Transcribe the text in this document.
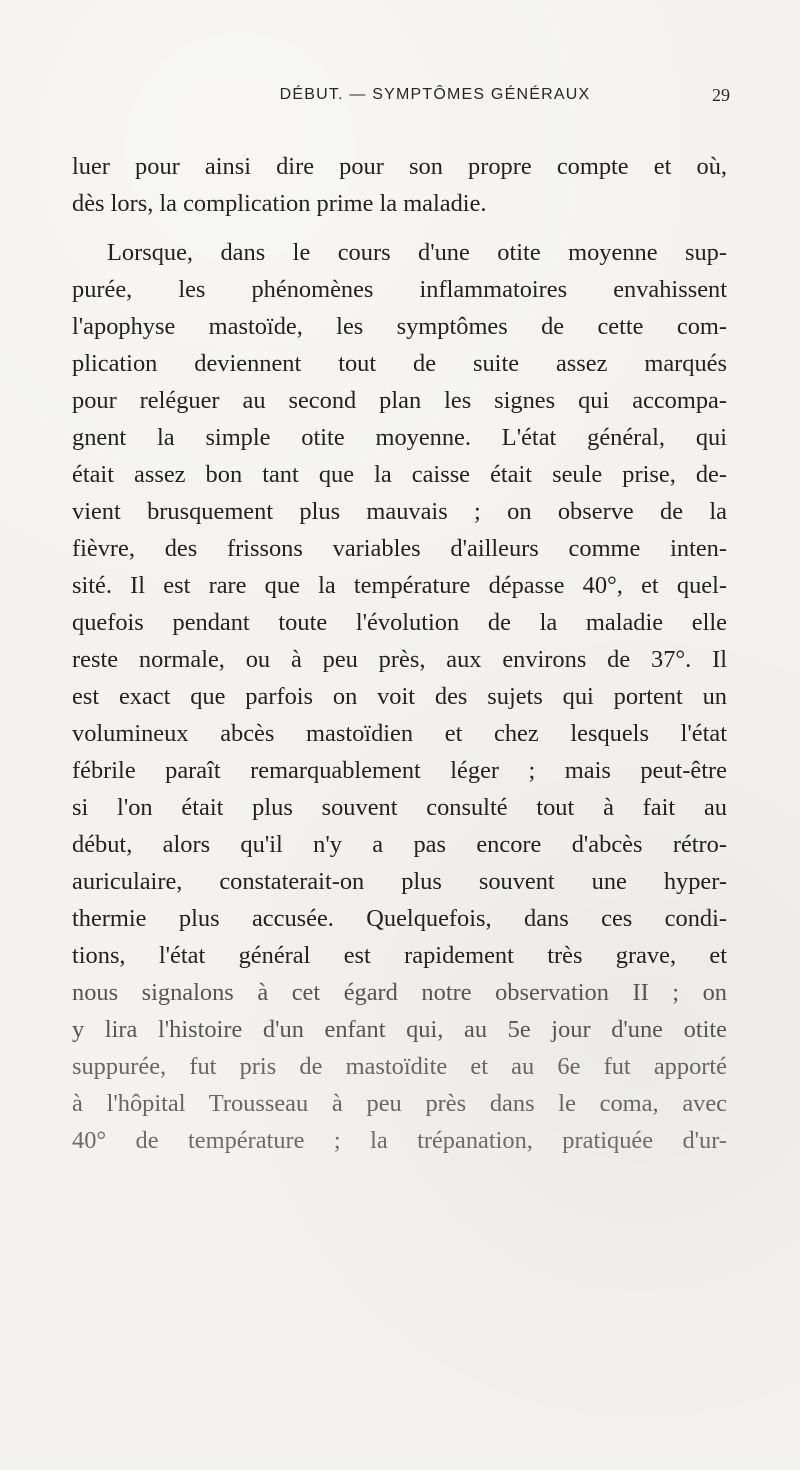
DÉBUT. — SYMPTÔMES GÉNÉRAUX	29
luer pour ainsi dire pour son propre compte et où,
dès lors, la complication prime la maladie.
Lorsque, dans le cours d'une otite moyenne sup-
purée, les phénomènes inflammatoires envahissent
l'apophyse mastoïde, les symptômes de cette com-
plication deviennent tout de suite assez marqués
pour reléguer au second plan les signes qui accompa-
gnent la simple otite moyenne. L'état général, qui
était assez bon tant que la caisse était seule prise, de-
vient brusquement plus mauvais ; on observe de la
fièvre, des frissons variables d'ailleurs comme inten-
sité. Il est rare que la température dépasse 40°, et quel-
quefois pendant toute l'évolution de la maladie elle
reste normale, ou à peu près, aux environs de 37°. Il
est exact que parfois on voit des sujets qui portent un
volumineux abcès mastoïdien et chez lesquels l'état
fébrile paraît remarquablement léger ; mais peut-être
si l'on était plus souvent consulté tout à fait au
début, alors qu'il n'y a pas encore d'abcès rétro-
auriculaire, constaterait-on plus souvent une hyper-
thermie plus accusée. Quelquefois, dans ces condi-
tions, l'état général est rapidement très grave, et
nous signalons à cet égard notre observation II ; on
y lira l'histoire d'un enfant qui, au 5e jour d'une otite
suppurée, fut pris de mastoïdite et au 6e fut apporté
à l'hôpital Trousseau à peu près dans le coma, avec
40° de température ; la trépanation, pratiquée d'ur-
